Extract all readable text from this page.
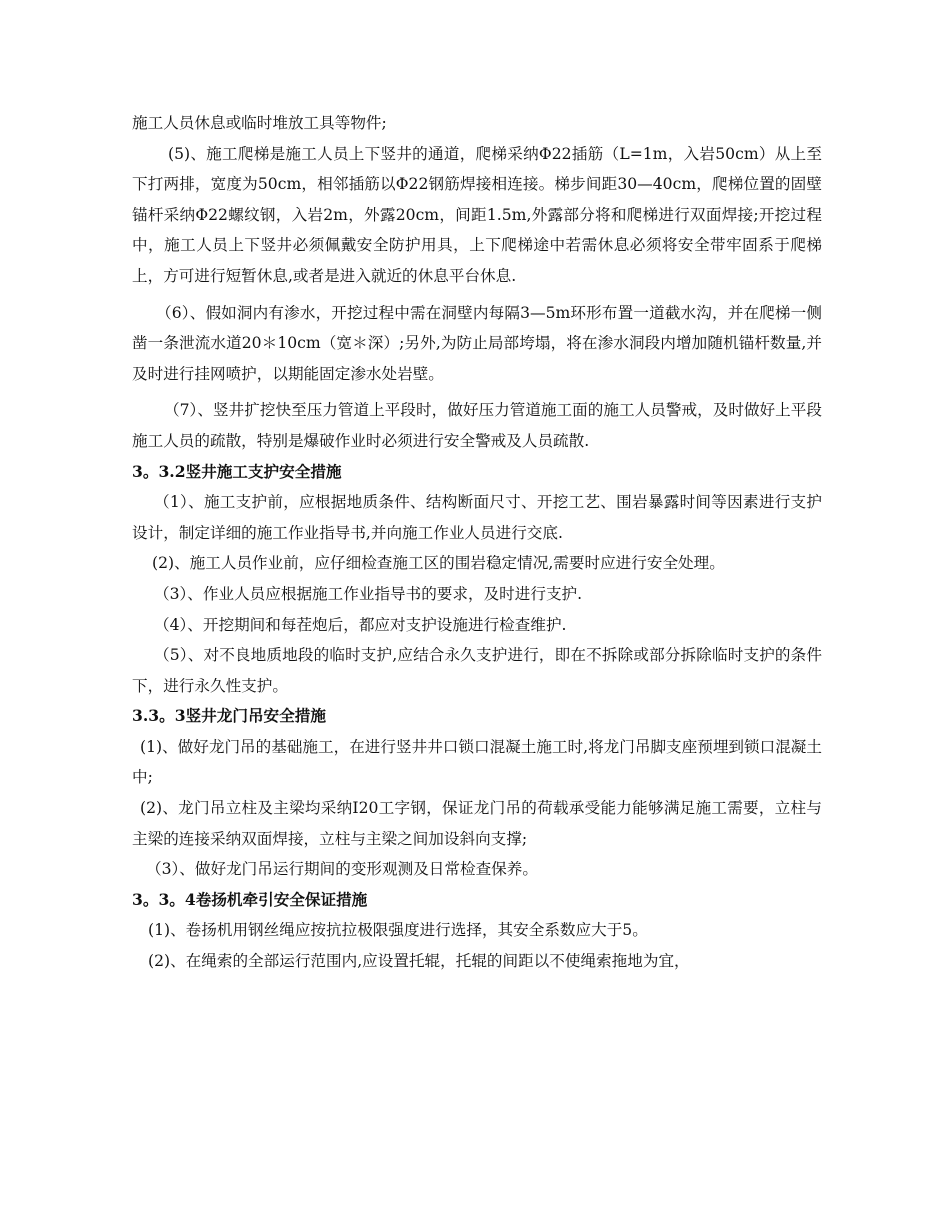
施工人员休息或临时堆放工具等物件;

(5)、施工爬梯是施工人员上下竖井的通道，爬梯采纳Φ22插筋（L=1m，入岩50cm）从上至下打两排，宽度为50cm，相邻插筋以Φ22钢筋焊接相连接。梯步间距30—40cm，爬梯位置的固壁锚杆采纳Φ22螺纹钢，入岩2m，外露20cm，间距1.5m,外露部分将和爬梯进行双面焊接;开挖过程中，施工人员上下竖井必须佩戴安全防护用具，上下爬梯途中若需休息必须将安全带牢固系于爬梯上，方可进行短暂休息,或者是进入就近的休息平台休息.

（6）、假如洞内有渗水，开挖过程中需在洞壁内每隔3—5m环形布置一道截水沟，并在爬梯一侧凿一条泄流水道20＊10cm（宽＊深）;另外,为防止局部垮塌，将在渗水洞段内增加随机锚杆数量,并及时进行挂网喷护，以期能固定渗水处岩壁。

（7）、竖井扩挖快至压力管道上平段时，做好压力管道施工面的施工人员警戒，及时做好上平段施工人员的疏散，特别是爆破作业时必须进行安全警戒及人员疏散.

3。3.2竖井施工支护安全措施

（1）、施工支护前，应根据地质条件、结构断面尺寸、开挖工艺、围岩暴露时间等因素进行支护设计，制定详细的施工作业指导书,并向施工作业人员进行交底.

(2)、施工人员作业前，应仔细检查施工区的围岩稳定情况,需要时应进行安全处理。

（3）、作业人员应根据施工作业指导书的要求，及时进行支护.

（4）、开挖期间和每茬炮后，都应对支护设施进行检查维护.

（5）、对不良地质地段的临时支护,应结合永久支护进行，即在不拆除或部分拆除临时支护的条件下，进行永久性支护。

3.3。3竖井龙门吊安全措施

(1)、做好龙门吊的基础施工，在进行竖井井口锁口混凝土施工时,将龙门吊脚支座预埋到锁口混凝土中;

(2)、龙门吊立柱及主梁均采纳I20工字钢，保证龙门吊的荷载承受能力能够满足施工需要，立柱与主梁的连接采纳双面焊接，立柱与主梁之间加设斜向支撑;

（3）、做好龙门吊运行期间的变形观测及日常检查保养。

3。3。4卷扬机牵引安全保证措施

(1)、卷扬机用钢丝绳应按抗拉极限强度进行选择，其安全系数应大于5。

(2)、在绳索的全部运行范围内,应设置托辊，托辊的间距以不使绳索拖地为宜，
